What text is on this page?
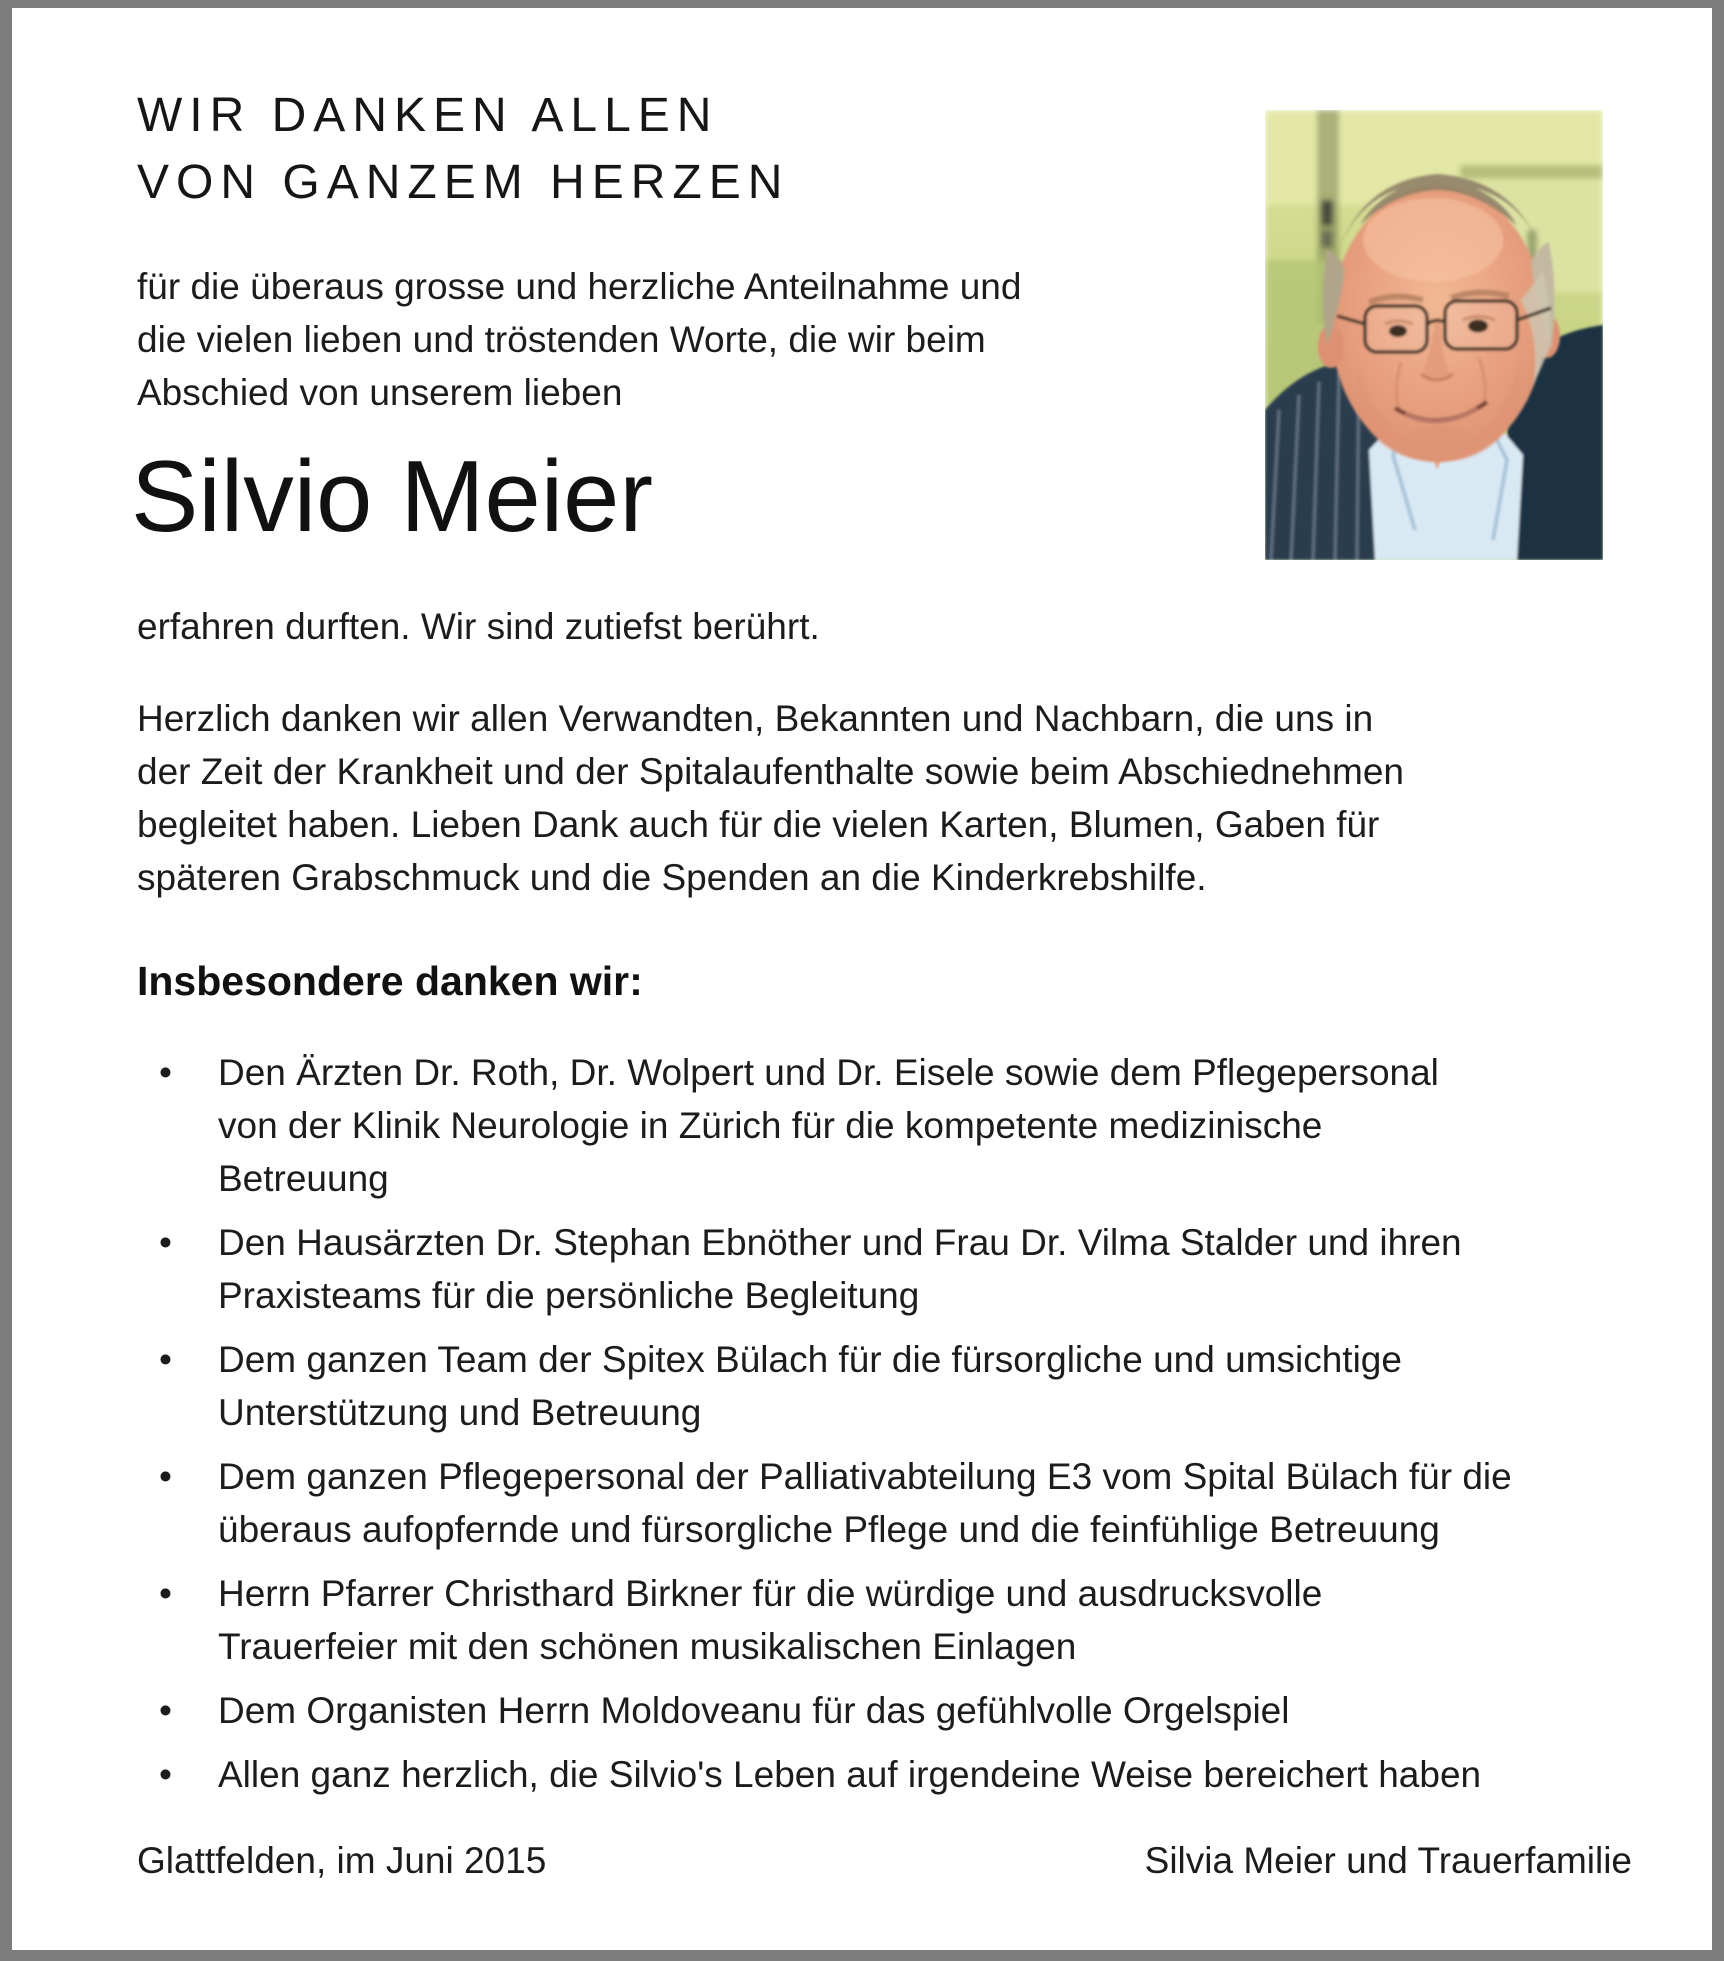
WIR DANKEN ALLEN
VON GANZEM HERZEN
für die überaus grosse und herzliche Anteilnahme und
die vielen lieben und tröstenden Worte, die wir beim
Abschied von unserem lieben
Silvio Meier
erfahren durften. Wir sind zutiefst berührt.
Herzlich danken wir allen Verwandten, Bekannten und Nachbarn, die uns in
der Zeit der Krankheit und der Spitalaufenthalte sowie beim Abschiednehmen
begleitet haben. Lieben Dank auch für die vielen Karten, Blumen, Gaben für
späteren Grabschmuck und die Spenden an die Kinderkrebshilfe.
Insbesondere danken wir:
• Den Ärzten Dr. Roth, Dr. Wolpert und Dr. Eisele sowie dem Pflegepersonal
von der Klinik Neurologie in Zürich für die kompetente medizinische
Betreuung
• Den Hausärzten Dr. Stephan Ebnöther und Frau Dr. Vilma Stalder und ihren
Praxisteams für die persönliche Begleitung
• Dem ganzen Team der Spitex Bülach für die fürsorgliche und umsichtige
Unterstützung und Betreuung
• Dem ganzen Pflegepersonal der Palliativabteilung E3 vom Spital Bülach für die
überaus aufopfernde und fürsorgliche Pflege und die feinfühlige Betreuung
• Herrn Pfarrer Christhard Birkner für die würdige und ausdrucksvolle
Trauerfeier mit den schönen musikalischen Einlagen
• Dem Organisten Herrn Moldoveanu für das gefühlvolle Orgelspiel
• Allen ganz herzlich, die Silvio's Leben auf irgendeine Weise bereichert haben
Glattfelden, im Juni 2015	Silvia Meier und Trauerfamilie
